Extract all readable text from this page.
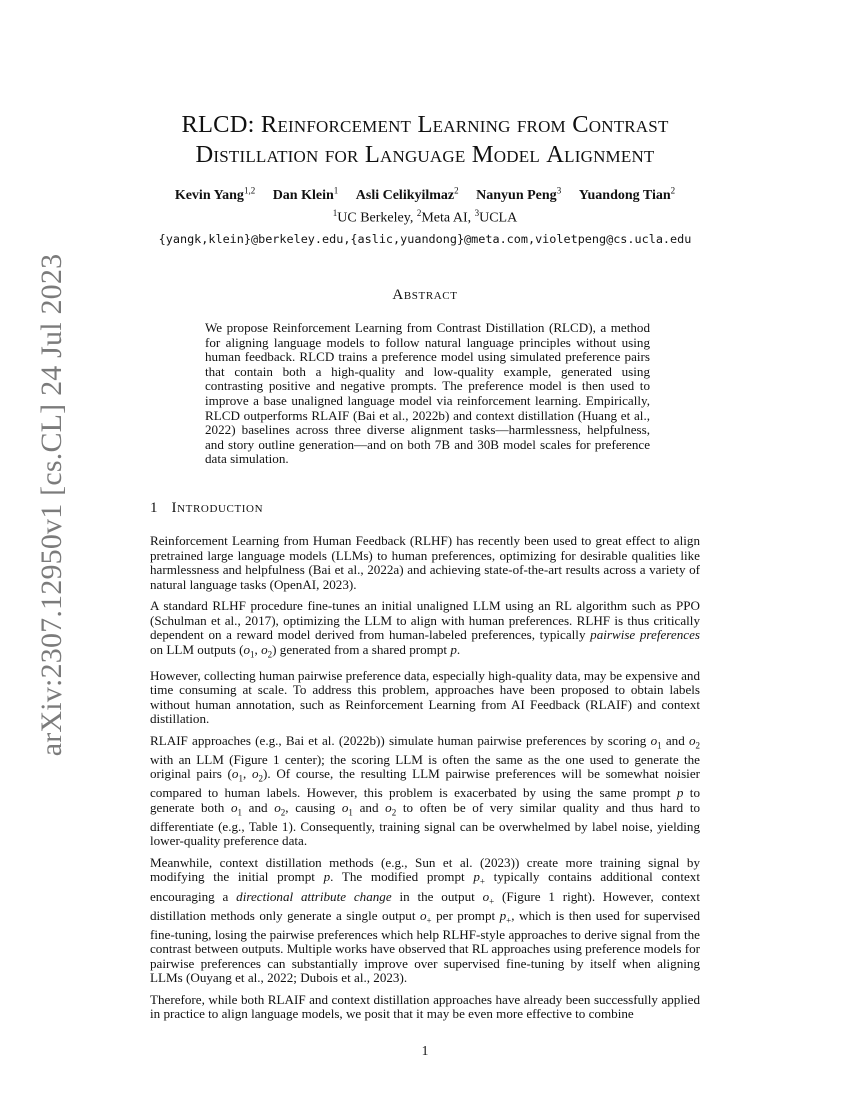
arXiv:2307.12950v1 [cs.CL] 24 Jul 2023
RLCD: Reinforcement Learning from Contrast
Distillation for Language Model Alignment
Kevin Yang$^{1,2}$ Dan Klein$^1$ Asli Celikyilmaz$^2$ Nanyun Peng$^3$ Yuandong Tian$^2$
$^1$UC Berkeley, $^2$Meta AI, $^3$UCLA
{yangk,klein}@berkeley.edu,{aslic,yuandong}@meta.com,violetpeng@cs.ucla.edu
Abstract

We propose Reinforcement Learning from Contrast Distillation (RLCD), a method for aligning language models to follow natural language principles without using human feedback. RLCD trains a preference model using simulated preference pairs that contain both a high-quality and low-quality example, generated using contrasting positive and negative prompts. The preference model is then used to improve a base unaligned language model via reinforcement learning. Empirically, RLCD outperforms RLAIF (Bai et al., 2022b) and context distillation (Huang et al., 2022) baselines across three diverse alignment tasks—harmlessness, helpfulness, and story outline generation—and on both 7B and 30B model scales for preference data simulation.

1 Introduction

Reinforcement Learning from Human Feedback (RLHF) has recently been used to great effect to align pretrained large language models (LLMs) to human preferences, optimizing for desirable qualities like harmlessness and helpfulness (Bai et al., 2022a) and achieving state-of-the-art results across a variety of natural language tasks (OpenAI, 2023).

A standard RLHF procedure fine-tunes an initial unaligned LLM using an RL algorithm such as PPO (Schulman et al., 2017), optimizing the LLM to align with human preferences. RLHF is thus critically dependent on a reward model derived from human-labeled preferences, typically pairwise preferences on LLM outputs ($o_1$, $o_2$) generated from a shared prompt p.

However, collecting human pairwise preference data, especially high-quality data, may be expensive and time consuming at scale. To address this problem, approaches have been proposed to obtain labels without human annotation, such as Reinforcement Learning from AI Feedback (RLAIF) and context distillation.

RLAIF approaches (e.g., Bai et al. (2022b)) simulate human pairwise preferences by scoring $o_1$ and $o_2$ with an LLM (Figure 1 center); the scoring LLM is often the same as the one used to generate the original pairs ($o_1$, $o_2$). Of course, the resulting LLM pairwise preferences will be somewhat noisier compared to human labels. However, this problem is exacerbated by using the same prompt p to generate both $o_1$ and $o_2$, causing $o_1$ and $o_2$ to often be of very similar quality and thus hard to differentiate (e.g., Table 1). Consequently, training signal can be overwhelmed by label noise, yielding lower-quality preference data.

Meanwhile, context distillation methods (e.g., Sun et al. (2023)) create more training signal by modifying the initial prompt p. The modified prompt $p_+$ typically contains additional context encouraging a directional attribute change in the output $o_+$ (Figure 1 right). However, context distillation methods only generate a single output $o_+$ per prompt $p_+$, which is then used for supervised fine-tuning, losing the pairwise preferences which help RLHF-style approaches to derive signal from the contrast between outputs. Multiple works have observed that RL approaches using preference models for pairwise preferences can substantially improve over supervised fine-tuning by itself when aligning LLMs (Ouyang et al., 2022; Dubois et al., 2023).

Therefore, while both RLAIF and context distillation approaches have already been successfully applied in practice to align language models, we posit that it may be even more effective to combine

1
